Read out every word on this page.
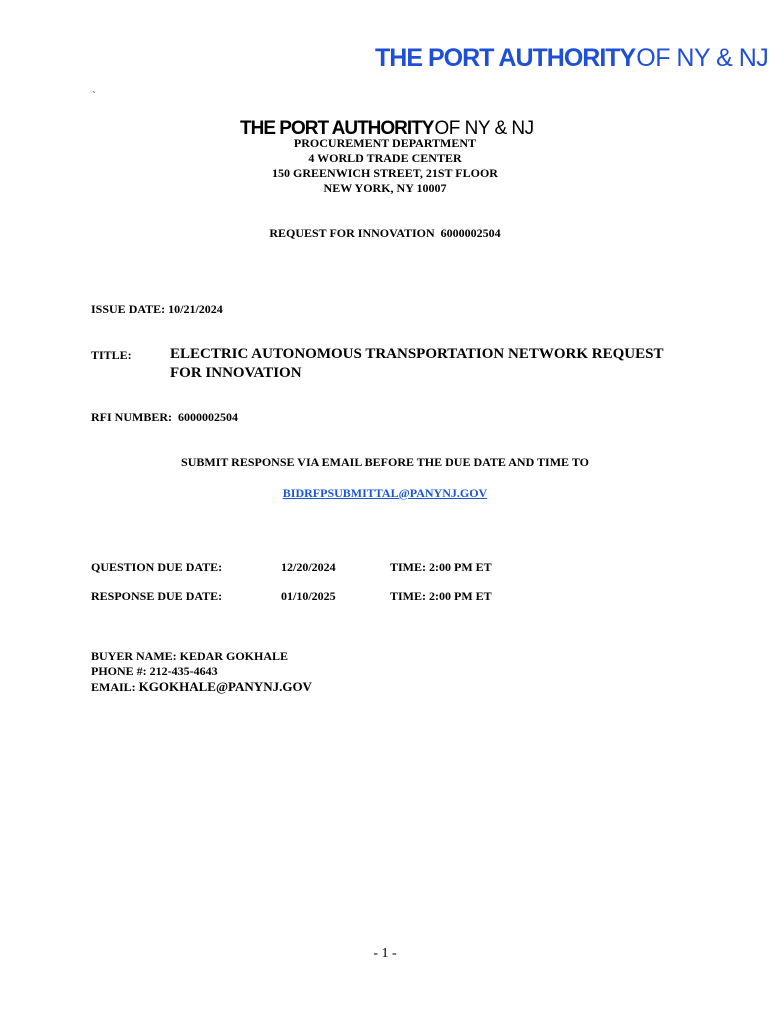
THE PORT AUTHORITYOF NY & NJ
`
THE PORT AUTHORITYOF NY & NJ
PROCUREMENT DEPARTMENT
4 WORLD TRADE CENTER
150 GREENWICH STREET, 21ST FLOOR
NEW YORK, NY 10007
REQUEST FOR INNOVATION  6000002504
ISSUE DATE: 10/21/2024
TITLE:	ELECTRIC AUTONOMOUS TRANSPORTATION NETWORK REQUEST
FOR INNOVATION
RFI NUMBER:  6000002504
SUBMIT RESPONSE VIA EMAIL BEFORE THE DUE DATE AND TIME TO
BIDRFPSUBMITTAL@PANYNJ.GOV
QUESTION DUE DATE:	12/20/2024	TIME: 2:00 PM ET
RESPONSE DUE DATE:	01/10/2025	TIME: 2:00 PM ET
BUYER NAME: KEDAR GOKHALE
PHONE #: 212-435-4643
EMAIL: KGOKHALE@PANYNJ.GOV
- 1 -
